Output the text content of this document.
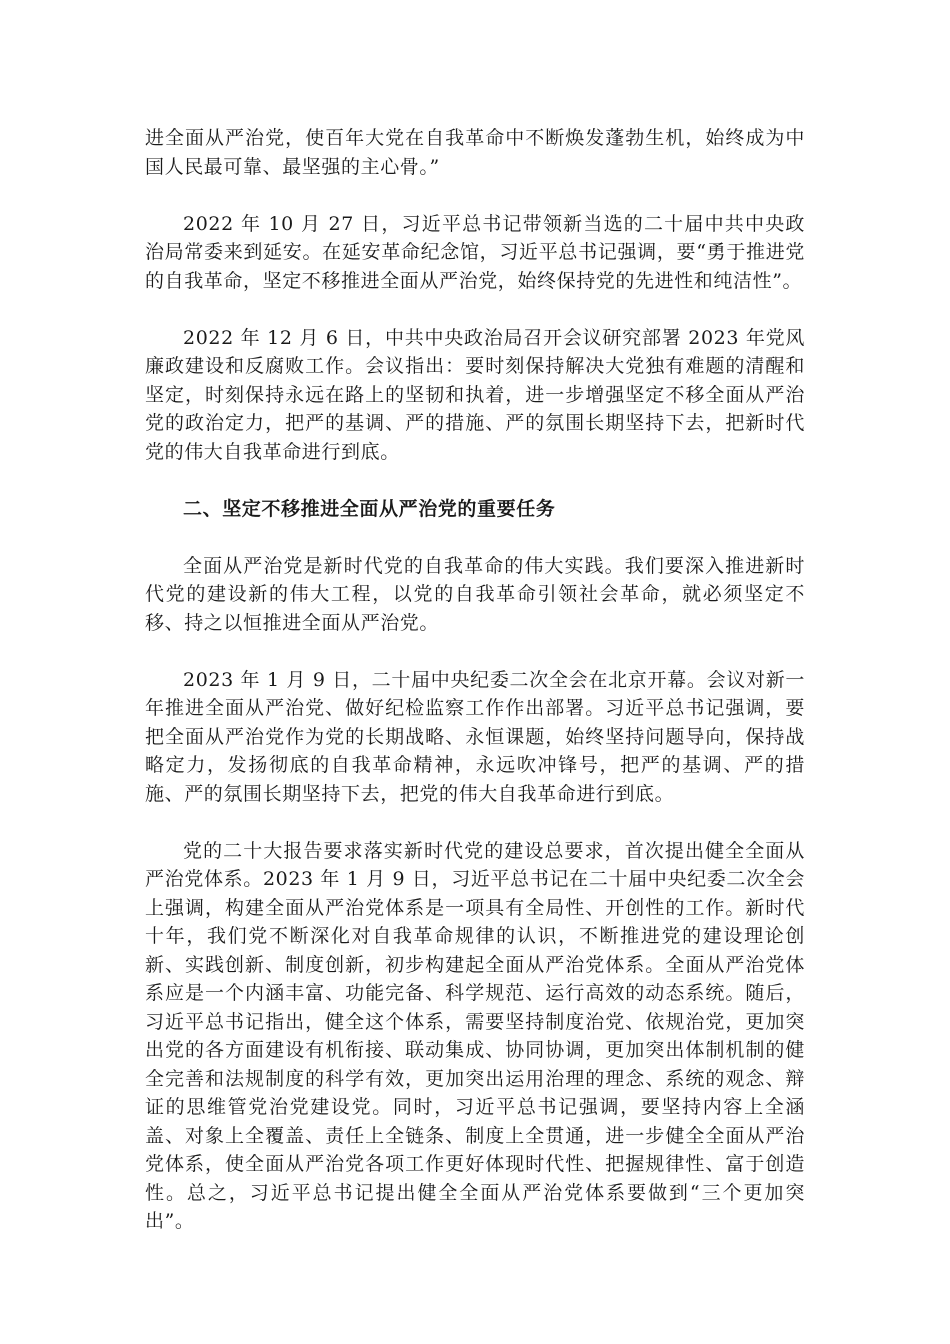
进全面从严治党，使百年大党在自我革命中不断焕发蓬勃生机，始终成为中国人民最可靠、最坚强的主心骨。”

2022 年 10 月 27 日，习近平总书记带领新当选的二十届中共中央政治局常委来到延安。在延安革命纪念馆，习近平总书记强调，要“勇于推进党的自我革命，坚定不移推进全面从严治党，始终保持党的先进性和纯洁性”。

2022 年 12 月 6 日，中共中央政治局召开会议研究部署 2023 年党风廉政建设和反腐败工作。会议指出：要时刻保持解决大党独有难题的清醒和坚定，时刻保持永远在路上的坚韧和执着，进一步增强坚定不移全面从严治党的政治定力，把严的基调、严的措施、严的氛围长期坚持下去，把新时代党的伟大自我革命进行到底。

二、坚定不移推进全面从严治党的重要任务

全面从严治党是新时代党的自我革命的伟大实践。我们要深入推进新时代党的建设新的伟大工程，以党的自我革命引领社会革命，就必须坚定不移、持之以恒推进全面从严治党。

2023 年 1 月 9 日，二十届中央纪委二次全会在北京开幕。会议对新一年推进全面从严治党、做好纪检监察工作作出部署。习近平总书记强调，要把全面从严治党作为党的长期战略、永恒课题，始终坚持问题导向，保持战略定力，发扬彻底的自我革命精神，永远吹冲锋号，把严的基调、严的措施、严的氛围长期坚持下去，把党的伟大自我革命进行到底。

党的二十大报告要求落实新时代党的建设总要求，首次提出健全全面从严治党体系。2023 年 1 月 9 日，习近平总书记在二十届中央纪委二次全会上强调，构建全面从严治党体系是一项具有全局性、开创性的工作。新时代十年，我们党不断深化对自我革命规律的认识，不断推进党的建设理论创新、实践创新、制度创新，初步构建起全面从严治党体系。全面从严治党体系应是一个内涵丰富、功能完备、科学规范、运行高效的动态系统。随后，习近平总书记指出，健全这个体系，需要坚持制度治党、依规治党，更加突出党的各方面建设有机衔接、联动集成、协同协调，更加突出体制机制的健全完善和法规制度的科学有效，更加突出运用治理的理念、系统的观念、辩证的思维管党治党建设党。同时，习近平总书记强调，要坚持内容上全涵盖、对象上全覆盖、责任上全链条、制度上全贯通，进一步健全全面从严治党体系，使全面从严治党各项工作更好体现时代性、把握规律性、富于创造性。总之，习近平总书记提出健全全面从严治党体系要做到“三个更加突出”。
